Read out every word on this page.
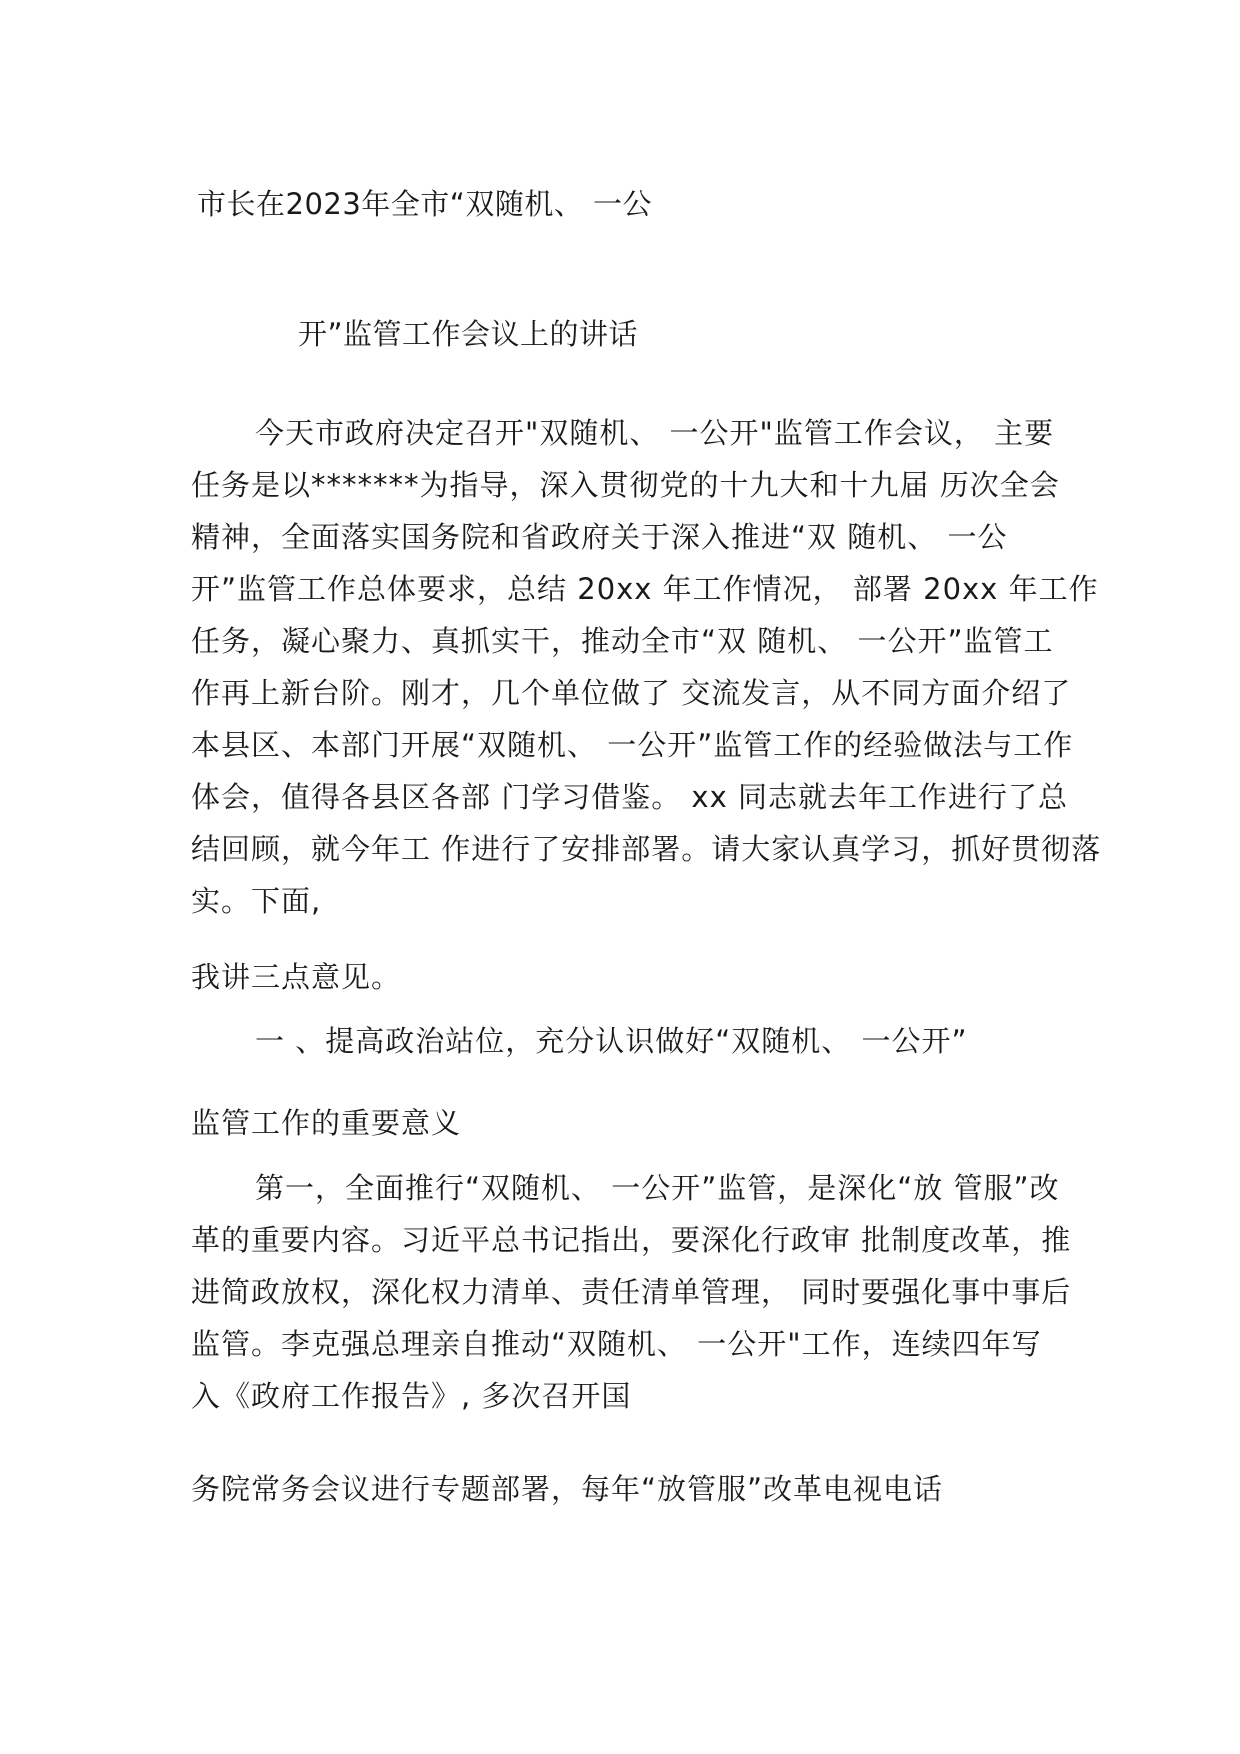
市长在2023年全市“双随机、 一公
开”监管工作会议上的讲话
今天市政府决定召开"双随机、 一公开"监管工作会议， 主要
任务是以*******为指导，深入贯彻党的十九大和十九届 历次全会
精神，全面落实国务院和省政府关于深入推进“双 随机、 一公
开”监管工作总体要求，总结 20xx 年工作情况， 部署 20xx 年工作
任务，凝心聚力、真抓实干，推动全市“双 随机、 一公开”监管工
作再上新台阶。刚才，几个单位做了 交流发言，从不同方面介绍了
本县区、本部门开展“双随机、 一公开”监管工作的经验做法与工作
体会，值得各县区各部 门学习借鉴。 xx 同志就去年工作进行了总
结回顾，就今年工 作进行了安排部署。请大家认真学习，抓好贯彻落
实。下面,
我讲三点意见。
一 、提高政治站位，充分认识做好“双随机、 一公开”
监管工作的重要意义
第一，全面推行“双随机、 一公开”监管，是深化“放 管服”改
革的重要内容。习近平总书记指出，要深化行政审 批制度改革，推
进简政放权，深化权力清单、责任清单管理， 同时要强化事中事后
监管。李克强总理亲自推动“双随机、 一公开"工作，连续四年写
入《政府工作报告》, 多次召开国
务院常务会议进行专题部署，每年“放管服”改革电视电话
